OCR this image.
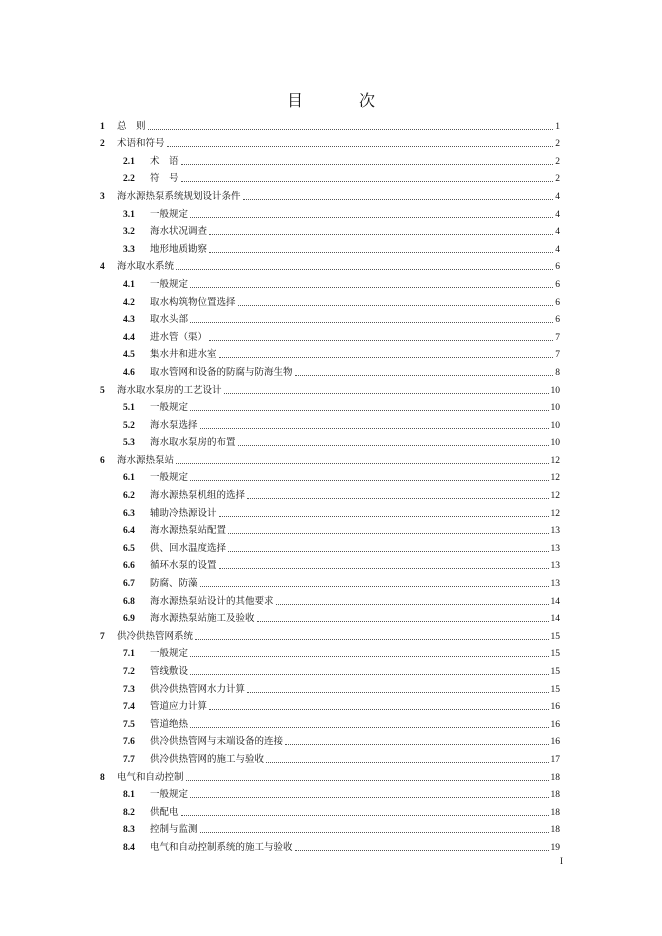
目　次
1	总　则	1
2	术语和符号	2
2.1	术　语	2
2.2	符　号	2
3	海水源热泵系统规划设计条件	4
3.1	一般规定	4
3.2	海水状况调查	4
3.3	地形地质勘察	4
4	海水取水系统	6
4.1	一般规定	6
4.2	取水构筑物位置选择	6
4.3	取水头部	6
4.4	进水管（渠）	7
4.5	集水井和进水室	7
4.6	取水管网和设备的防腐与防海生物	8
5	海水取水泵房的工艺设计	10
5.1	一般规定	10
5.2	海水泵选择	10
5.3	海水取水泵房的布置	10
6	海水源热泵站	12
6.1	一般规定	12
6.2	海水源热泵机组的选择	12
6.3	辅助冷热源设计	12
6.4	海水源热泵站配置	13
6.5	供、回水温度选择	13
6.6	循环水泵的设置	13
6.7	防腐、防藻	13
6.8	海水源热泵站设计的其他要求	14
6.9	海水源热泵站施工及验收	14
7	供冷供热管网系统	15
7.1	一般规定	15
7.2	管线敷设	15
7.3	供冷供热管网水力计算	15
7.4	管道应力计算	16
7.5	管道绝热	16
7.6	供冷供热管网与末端设备的连接	16
7.7	供冷供热管网的施工与验收	17
8	电气和自动控制	18
8.1	一般规定	18
8.2	供配电	18
8.3	控制与监测	18
8.4	电气和自动控制系统的施工与验收	19
I
